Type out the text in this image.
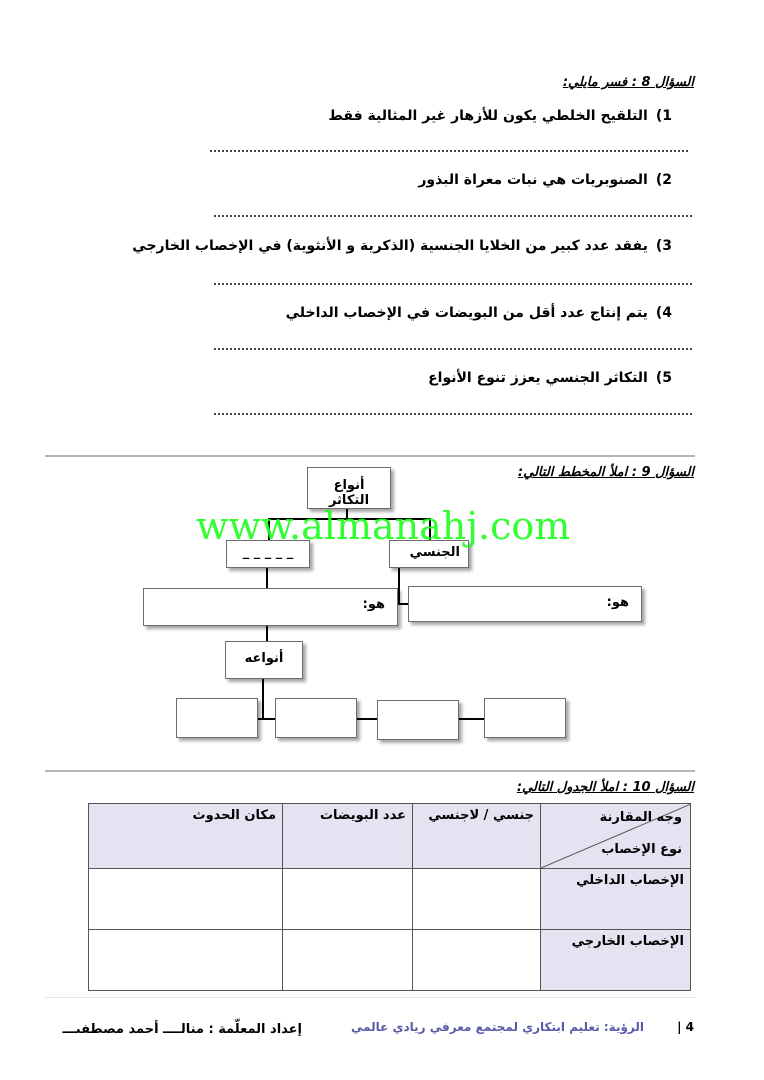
السؤال 8 : فسر مايلي:
1)
التلقيح الخلطي يكون للأزهار غير المثالية فقط
2)
الصنوبريات هي نبات معراة البذور
3)
يفقد عدد كبير من الخلايا الجنسية (الذكرية و الأنثوية) في الإخصاب الخارجي
4)
يتم إنتاج عدد أقل من البويضات في الإخصاب الداخلي
5)
التكاثر الجنسي يعزز تنوع الأنواع
السؤال 9 : املأ المخطط التالي:
أنواع التكاثر
_ _ _ _ _	الجنسي
هو:	هو:
أنواعه
www.almanahj.com
السؤال 10 : املأ الجدول التالي:
وجه المقارنة
نوع الإخصاب	جنسي / لاجنسي	عدد البويضات	مكان الحدوث
الإخصاب الداخلي			
الإخصاب الخارجي			
4 |
الرؤية: تعليم ابتكاري لمجتمع معرفي ريادي عالمي
إعداد المعلّمة : منالــــ أحمد مصطفىـــ
